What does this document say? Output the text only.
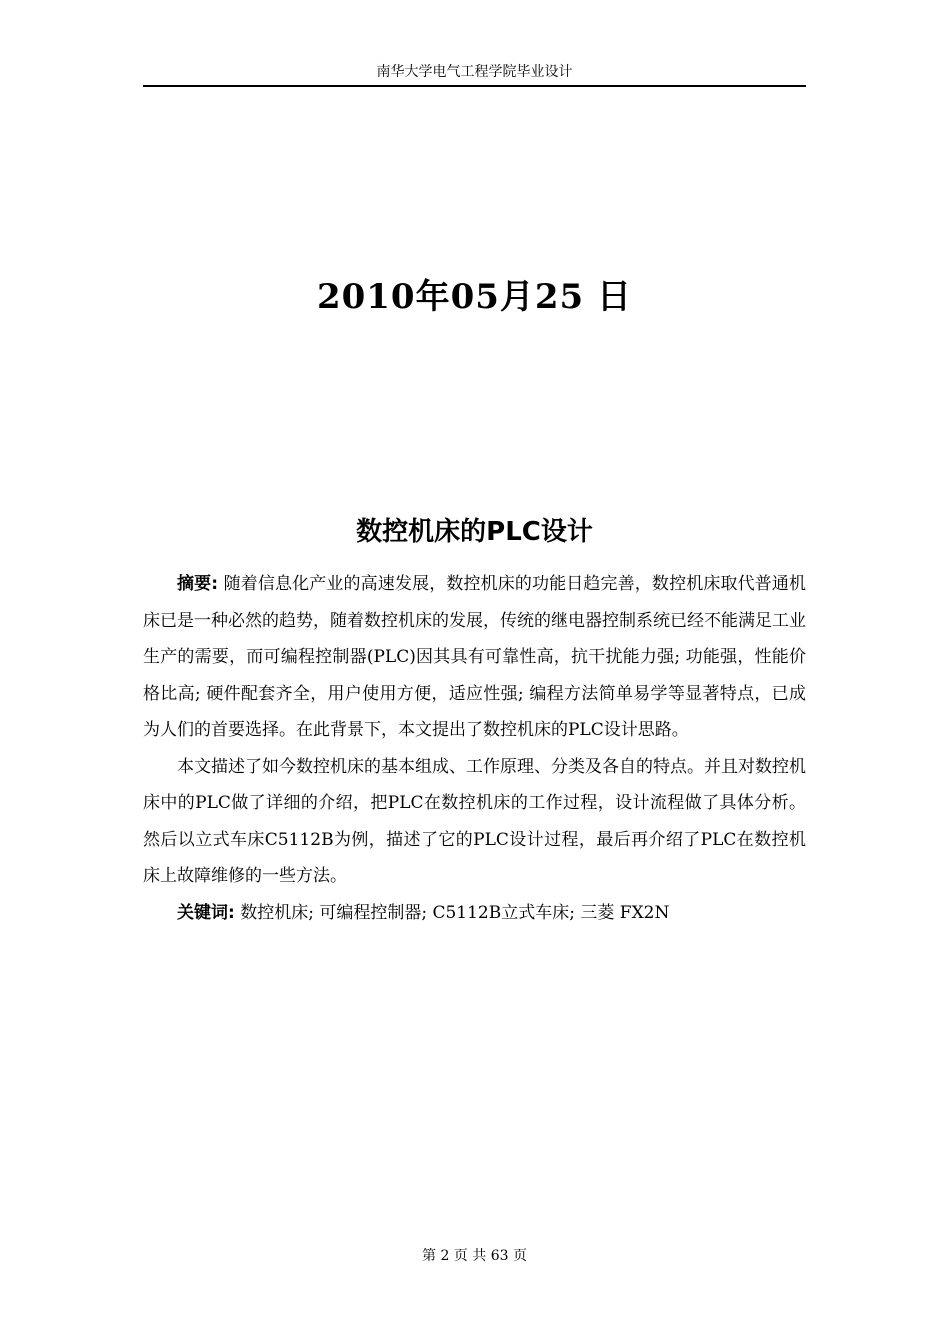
南华大学电气工程学院毕业设计
2010年05月25 日
数控机床的PLC设计

摘要: 随着信息化产业的高速发展，数控机床的功能日趋完善，数控机床取代普通机床已是一种必然的趋势，随着数控机床的发展，传统的继电器控制系统已经不能满足工业生产的需要，而可编程控制器(PLC)因其具有可靠性高，抗干扰能力强; 功能强，性能价格比高; 硬件配套齐全，用户使用方便，适应性强; 编程方法简单易学等显著特点，已成为人们的首要选择。在此背景下，本文提出了数控机床的PLC设计思路。

本文描述了如今数控机床的基本组成、工作原理、分类及各自的特点。并且对数控机床中的PLC做了详细的介绍，把PLC在数控机床的工作过程，设计流程做了具体分析。然后以立式车床C5112B为例，描述了它的PLC设计过程，最后再介绍了PLC在数控机床上故障维修的一些方法。

关键词: 数控机床; 可编程控制器; C5112B立式车床; 三菱 FX2N

第 2 页 共 63 页
